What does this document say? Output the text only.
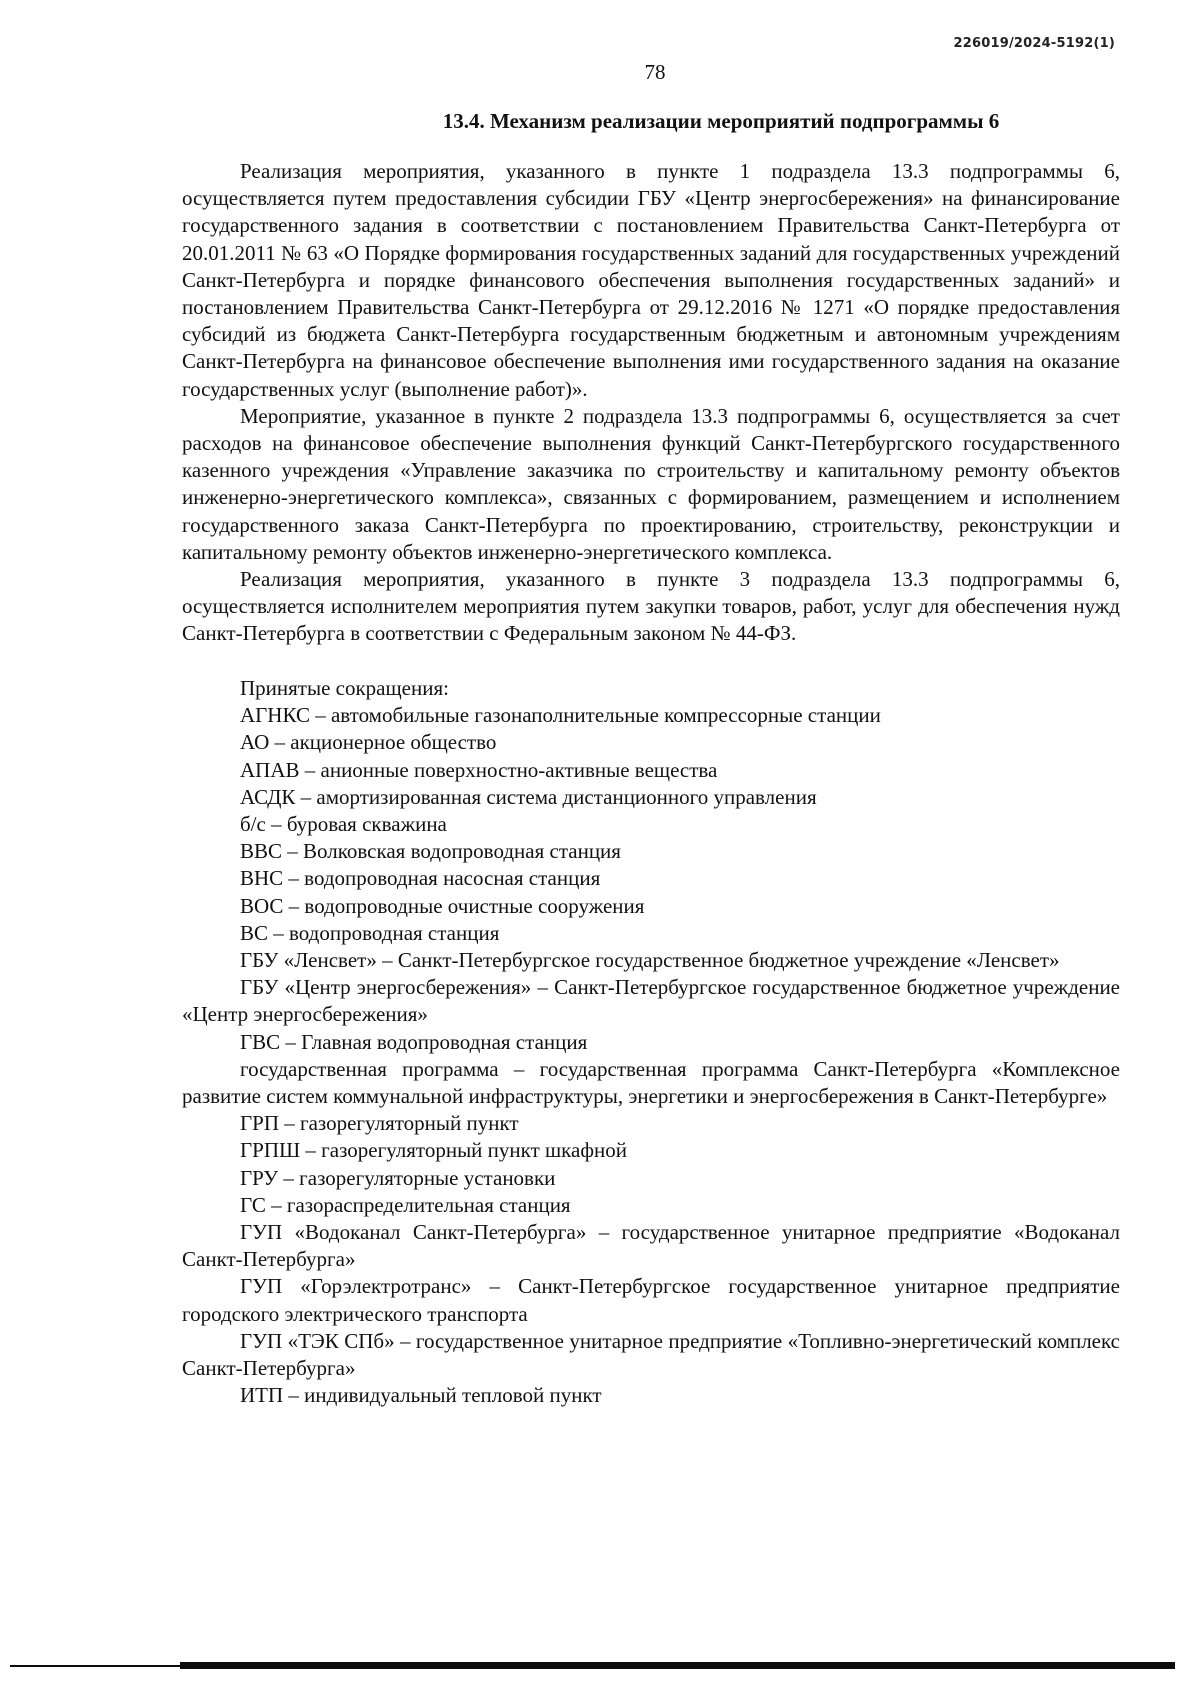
226019/2024-5192(1)
78
13.4. Механизм реализации мероприятий подпрограммы 6

Реализация мероприятия, указанного в пункте 1 подраздела 13.3 подпрограммы 6, осуществляется путем предоставления субсидии ГБУ «Центр энергосбережения» на финансирование государственного задания в соответствии с постановлением Правительства Санкт-Петербурга от 20.01.2011 № 63 «О Порядке формирования государственных заданий для государственных учреждений Санкт-Петербурга и порядке финансового обеспечения выполнения государственных заданий» и постановлением Правительства Санкт-Петербурга от 29.12.2016 № 1271 «О порядке предоставления субсидий из бюджета Санкт-Петербурга государственным бюджетным и автономным учреждениям Санкт-Петербурга на финансовое обеспечение выполнения ими государственного задания на оказание государственных услуг (выполнение работ)».

Мероприятие, указанное в пункте 2 подраздела 13.3 подпрограммы 6, осуществляется за счет расходов на финансовое обеспечение выполнения функций Санкт-Петербургского государственного казенного учреждения «Управление заказчика по строительству и капитальному ремонту объектов инженерно-энергетического комплекса», связанных с формированием, размещением и исполнением государственного заказа Санкт-Петербурга по проектированию, строительству, реконструкции и капитальному ремонту объектов инженерно-энергетического комплекса.

Реализация мероприятия, указанного в пункте 3 подраздела 13.3 подпрограммы 6, осуществляется исполнителем мероприятия путем закупки товаров, работ, услуг для обеспечения нужд Санкт-Петербурга в соответствии с Федеральным законом № 44-ФЗ.

Принятые сокращения:
АГНКС – автомобильные газонаполнительные компрессорные станции
АО – акционерное общество
АПАВ – анионные поверхностно-активные вещества
АСДК – амортизированная система дистанционного управления
б/с – буровая скважина
ВВС – Волковская водопроводная станция
ВНС – водопроводная насосная станция
ВОС – водопроводные очистные сооружения
ВС – водопроводная станция
ГБУ «Ленсвет» – Санкт-Петербургское государственное бюджетное учреждение «Ленсвет»
ГБУ «Центр энергосбережения» – Санкт-Петербургское государственное бюджетное учреждение «Центр энергосбережения»
ГВС – Главная водопроводная станция
государственная программа – государственная программа Санкт-Петербурга «Комплексное развитие систем коммунальной инфраструктуры, энергетики и энергосбережения в Санкт-Петербурге»
ГРП – газорегуляторный пункт
ГРПШ – газорегуляторный пункт шкафной
ГРУ – газорегуляторные установки
ГС – газораспределительная станция
ГУП «Водоканал Санкт-Петербурга» – государственное унитарное предприятие «Водоканал Санкт-Петербурга»
ГУП «Горэлектротранс» – Санкт-Петербургское государственное унитарное предприятие городского электрического транспорта
ГУП «ТЭК СПб» – государственное унитарное предприятие «Топливно-энергетический комплекс Санкт-Петербурга»
ИТП – индивидуальный тепловой пункт
